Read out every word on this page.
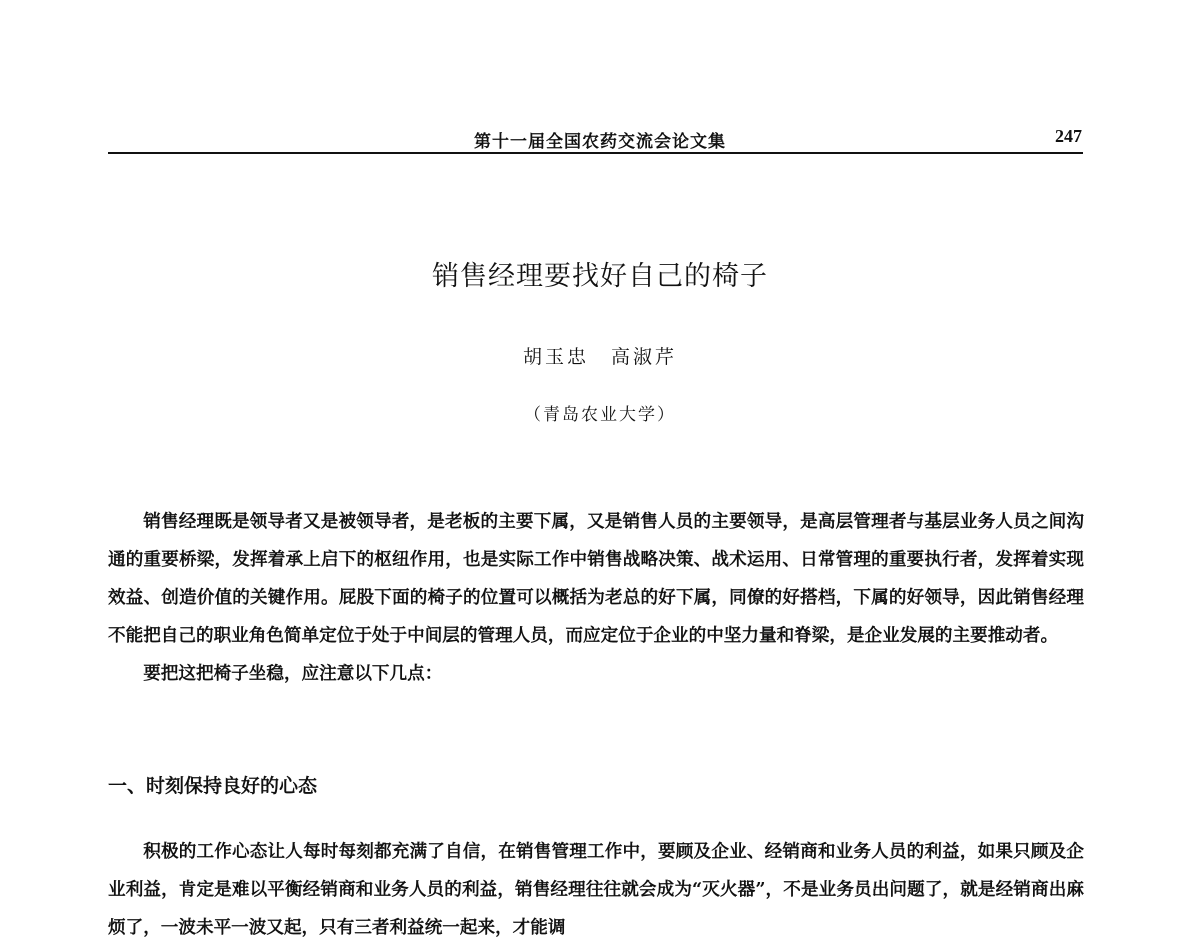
第十一届全国农药交流会论文集	247
销售经理要找好自己的椅子
胡玉忠　高淑芹
（青岛农业大学）

销售经理既是领导者又是被领导者，是老板的主要下属，又是销售人员的主要领导，是高层管理者与基层业务人员之间沟通的重要桥梁，发挥着承上启下的枢纽作用，也是实际工作中销售战略决策、战术运用、日常管理的重要执行者，发挥着实现效益、创造价值的关键作用。屁股下面的椅子的位置可以概括为老总的好下属，同僚的好搭档，下属的好领导，因此销售经理不能把自己的职业角色简单定位于处于中间层的管理人员，而应定位于企业的中坚力量和脊梁，是企业发展的主要推动者。

要把这把椅子坐稳，应注意以下几点：

一、时刻保持良好的心态

积极的工作心态让人每时每刻都充满了自信，在销售管理工作中，要顾及企业、经销商和业务人员的利益，如果只顾及企业利益，肯定是难以平衡经销商和业务人员的利益，销售经理往往就会成为“灭火器”，不是业务员出问题了，就是经销商出麻烦了，一波未平一波又起，只有三者利益统一起来，才能调
